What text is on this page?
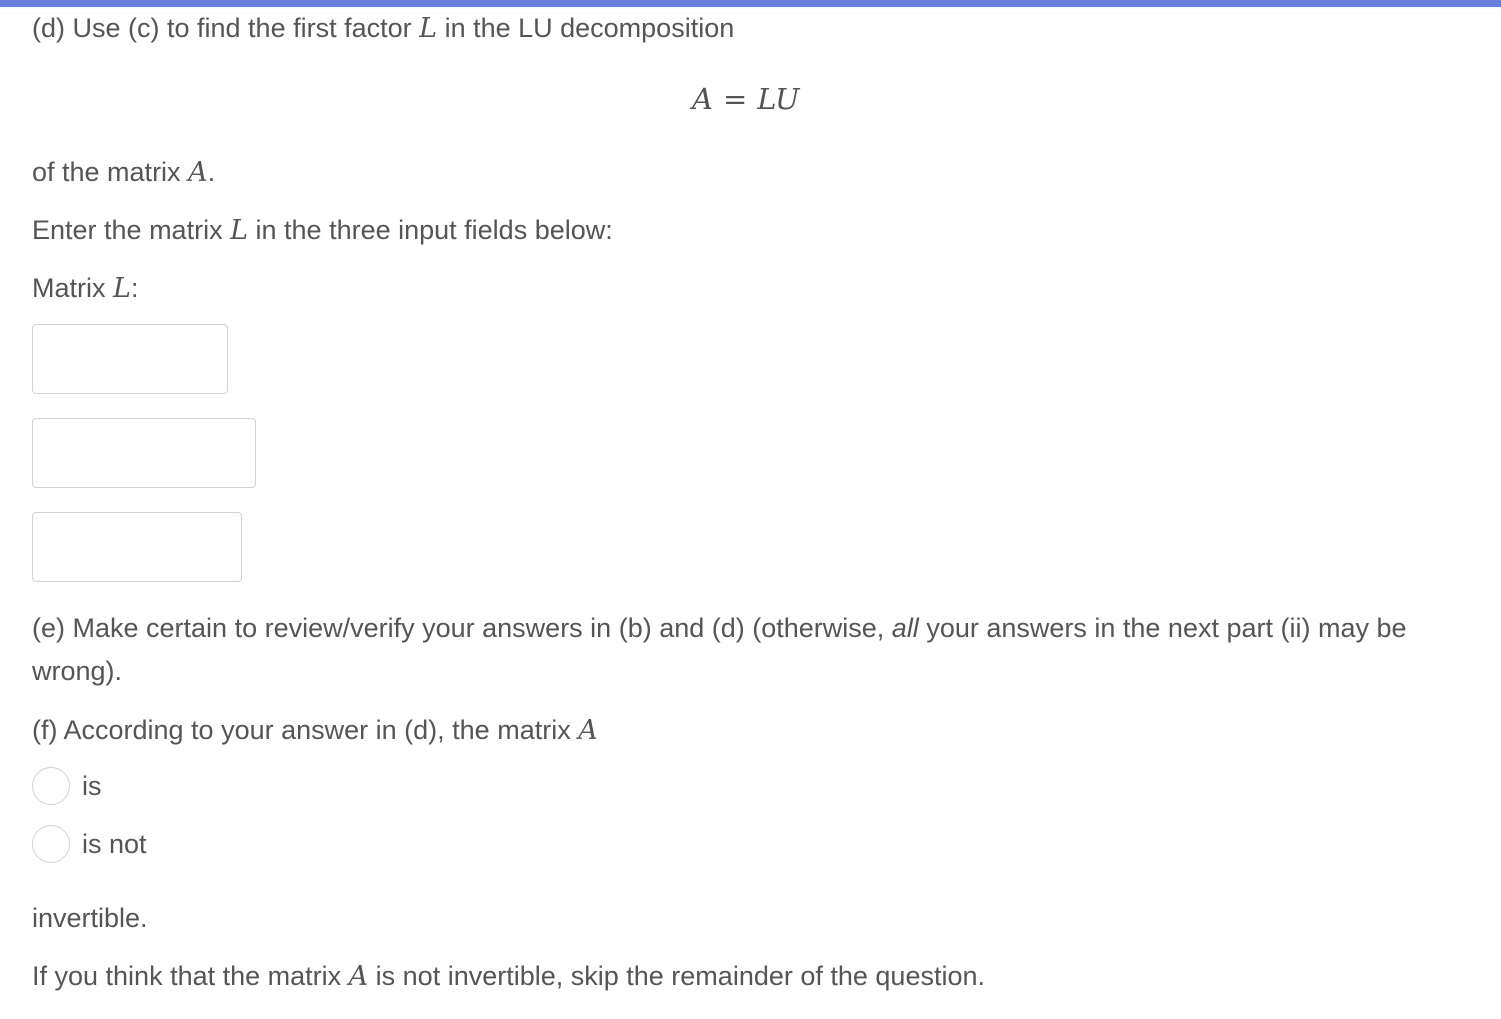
(d) Use (c) to find the first factor L in the LU decomposition
A = LU
of the matrix A.
Enter the matrix L in the three input fields below:
Matrix L:
(e) Make certain to review/verify your answers in (b) and (d) (otherwise, all your answers in the next part (ii) may be wrong).
(f) According to your answer in (d), the matrix A
is
is not
invertible.
If you think that the matrix A is not invertible, skip the remainder of the question.
